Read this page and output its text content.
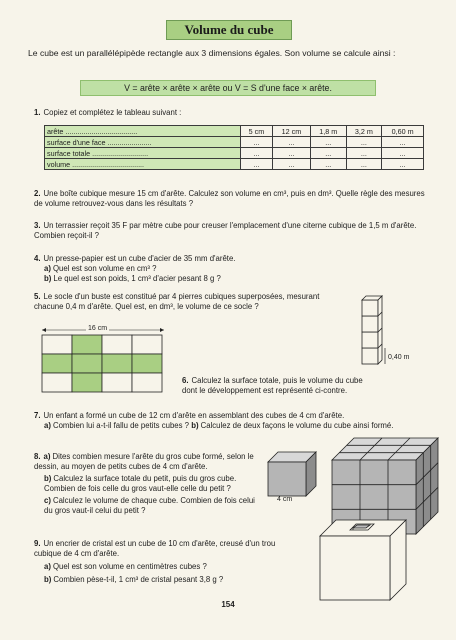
Volume du cube
Le cube est un parallélépipède rectangle aux 3 dimensions égales. Son volume se calcule ainsi :
V = arête × arête × arête ou V = S d'une face × arête.
1. Copiez et complétez le tableau suivant :
arête ....................................	5 cm	12 cm	1,8 m	3,2 m	0,60 m
surface d'une face ......................	...	...	...	...	...
surface totale ............................	...	...	...	...	...
volume ....................................	...	...	...	...	...
2. Une boîte cubique mesure 15 cm d'arête. Calculez son volume en cm³, puis en dm³. Quelle règle des mesures de volume retrouvez-vous dans les résultats ?
3. Un terrassier reçoit 35 F par mètre cube pour creuser l'emplacement d'une citerne cubique de 1,5 m d'arête. Combien reçoit-il ?
4. Un presse-papier est un cube d'acier de 35 mm d'arête.
a) Quel est son volume en cm³ ?
b) Le quel est son poids, 1 cm³ d'acier pesant 8 g ?
5. Le socle d'un buste est constitué par 4 pierres cubiques superposées, mesurant chacune 0,4 m d'arête. Quel est, en dm³, le volume de ce socle ?
0,40 m
16 cm
6. Calculez la surface totale, puis le volume du cube dont le développement est représenté ci-contre.
7. Un enfant a formé un cube de 12 cm d'arête en assemblant des cubes de 4 cm d'arête.
a) Combien lui a-t-il fallu de petits cubes ? b) Calculez de deux façons le volume du cube ainsi formé.
8. a) Dites combien mesure l'arête du gros cube formé, selon le dessin, au moyen de petits cubes de 4 cm d'arête.
b) Calculez la surface totale du petit, puis du gros cube. Combien de fois celle du gros vaut-elle celle du petit ?
c) Calculez le volume de chaque cube. Combien de fois celui du gros vaut-il celui du petit ?
4 cm
9. Un encrier de cristal est un cube de 10 cm d'arête, creusé d'un trou cubique de 4 cm d'arête.
a) Quel est son volume en centimètres cubes ?
b) Combien pèse-t-il, 1 cm³ de cristal pesant 3,8 g ?
154
